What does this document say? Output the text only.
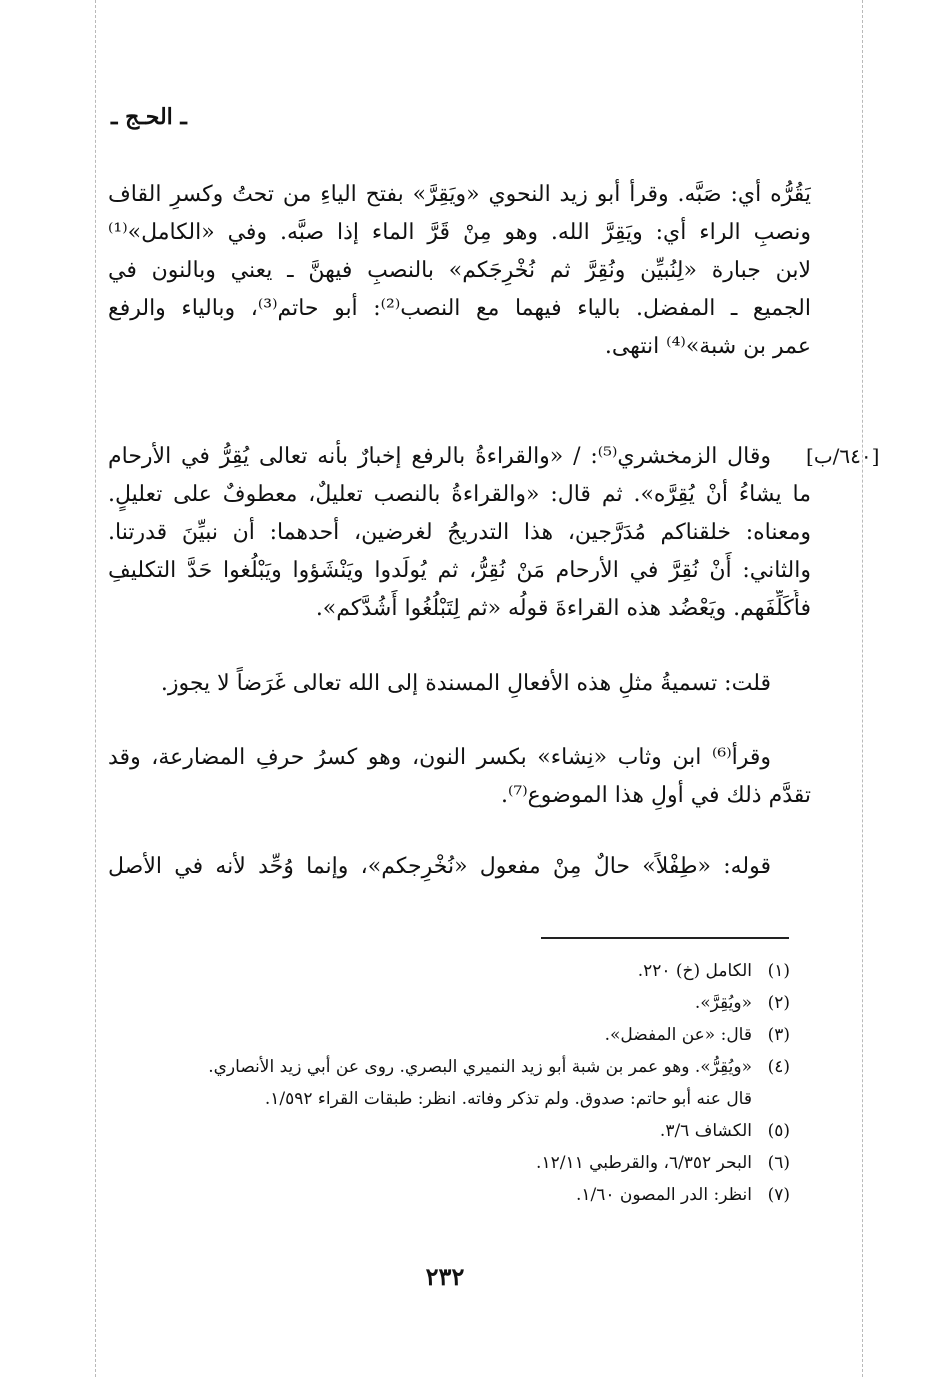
ـ الحـج ـ

يَقُرُّه أي: صَبَّه. وقرأ أبو زيد النحوي «ويَقِرَّ» بفتح الياءِ من تحتُ وكسرِ القاف
ونصبِ الراء أي: ويَقِرَّ الله. وهو مِنْ قَرَّ الماء إذا صبَّه. وفي «الكامل»⁽¹⁾
لابن جبارة «لِنُبيِّن ونُقِرَّ ثم نُخْرِجَكم» بالنصبِ فيهنَّ ـ يعني وبالنون في
الجميع ـ المفضل. بالياء فيهما مع النصب⁽²⁾: أبو حاتم⁽³⁾، وبالياء والرفع
عمر بن شبة»⁽⁴⁾ انتهى.

[٦٤٠/ب]

وقال الزمخشري⁽⁵⁾: / «والقراءةُ بالرفع إخبارٌ بأنه تعالى يُقِرُّ في الأرحام
ما يشاءُ أنْ يُقِرَّه». ثم قال: «والقراءةُ بالنصب تعليلٌ، معطوفٌ على تعليلٍ.
ومعناه: خلقناكم مُدَرَّجين، هذا التدريجُ لغرضين، أحدهما: أن نبيِّنَ قدرتنا.
والثاني: أَنْ نُقِرَّ في الأرحام مَنْ نُقِرُّ، ثم يُولَدوا ويَنْشَؤوا ويَبْلُغوا حَدَّ التكليفِ
فأُكَلِّفَهم. ويَعْضُد هذه القراءةَ قولُه «ثم لِتَبْلُغُوا أَشُدَّكم».

قلت: تسميةُ مثلِ هذه الأفعالِ المسندة إلى الله تعالى غَرَضاً لا يجوز.

وقرأ⁽⁶⁾ ابن وثاب «نِشاء» بكسر النون، وهو كسرُ حرفِ المضارعة، وقد
تقدَّم ذلك في أولِ هذا الموضوع⁽⁷⁾.

قوله: «طِفْلاً» حالٌ مِنْ مفعول «نُخْرِجكم»، وإنما وُحِّد لأنه في الأصل

(١)
الكامل (خ) ٢٢٠.
(٢)
«ويُقِرَّ».
(٣)
قال: «عن المفضل».
(٤)
«ويُقِرُّ». وهو عمر بن شبة أبو زيد النميري البصري. روى عن أبي زيد الأنصاري.
قال عنه أبو حاتم: صدوق. ولم تذكر وفاته. انظر: طبقات القراء ١/٥٩٢.
(٥)
الكشاف ٣/٦.
(٦)
البحر ٦/٣٥٢، والقرطبي ١٢/١١.
(٧)
انظر: الدر المصون ١/٦٠.
٢٣٢
